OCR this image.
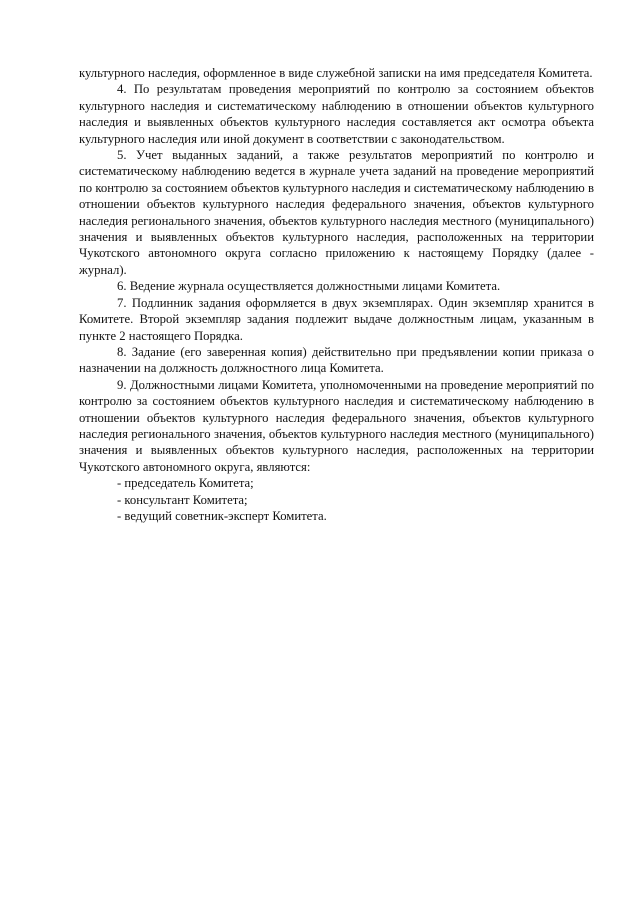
культурного наследия, оформленное в виде служебной записки на имя председателя Комитета.

4. По результатам проведения мероприятий по контролю за состоянием объектов культурного наследия и систематическому наблюдению в отношении объектов культурного наследия и выявленных объектов культурного наследия составляется акт осмотра объекта культурного наследия или иной документ в соответствии с законодательством.

5. Учет выданных заданий, а также результатов мероприятий по контролю и систематическому наблюдению ведется в журнале учета заданий на проведение мероприятий по контролю за состоянием объектов культурного наследия и систематическому наблюдению в отношении объектов культурного наследия федерального значения, объектов культурного наследия регионального значения, объектов культурного наследия местного (муниципального) значения и выявленных объектов культурного наследия, расположенных на территории Чукотского автономного округа согласно приложению к настоящему Порядку (далее - журнал).

6. Ведение журнала осуществляется должностными лицами Комитета.

7. Подлинник задания оформляется в двух экземплярах. Один экземпляр хранится в Комитете. Второй экземпляр задания подлежит выдаче должностным лицам, указанным в пункте 2 настоящего Порядка.

8. Задание (его заверенная копия) действительно при предъявлении копии приказа о назначении на должность должностного лица Комитета.

9. Должностными лицами Комитета, уполномоченными на проведение мероприятий по контролю за состоянием объектов культурного наследия и систематическому наблюдению в отношении объектов культурного наследия федерального значения, объектов культурного наследия регионального значения, объектов культурного наследия местного (муниципального) значения и выявленных объектов культурного наследия, расположенных на территории Чукотского автономного округа, являются:

- председатель Комитета;
- консультант Комитета;
- ведущий советник-эксперт Комитета.
